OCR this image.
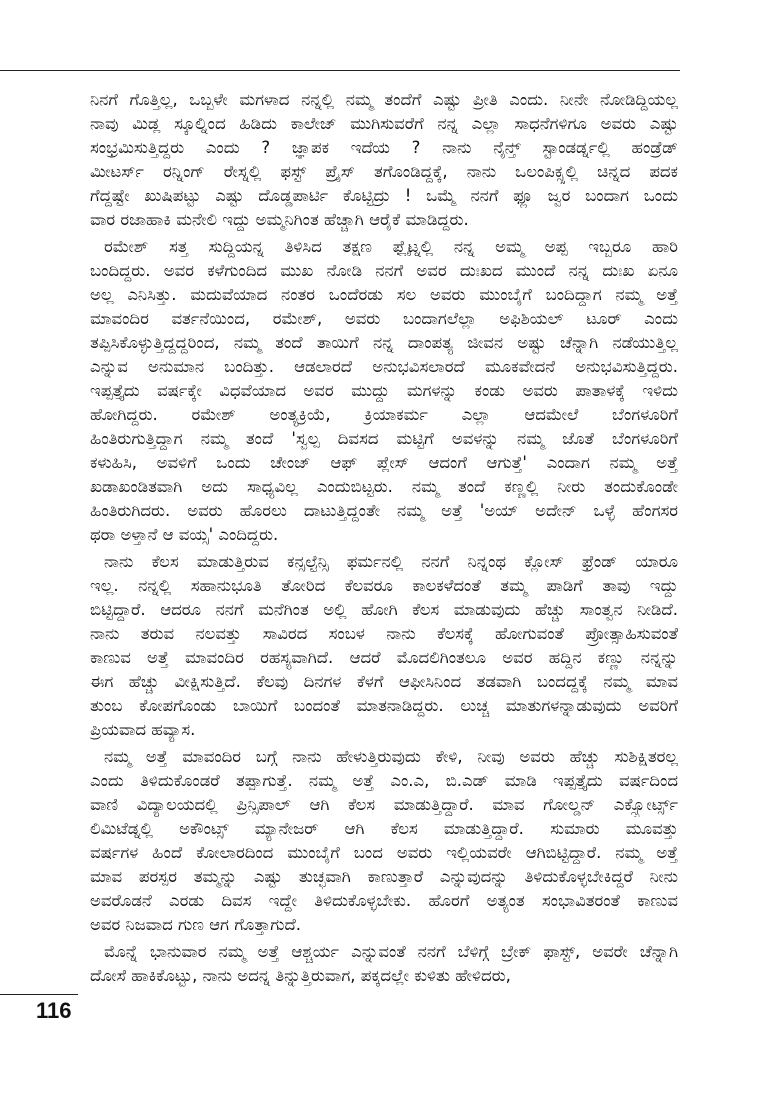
ನಿನಗೆ ಗೊತ್ತಿಲ್ಲ, ಒಬ್ಬಳೇ ಮಗಳಾದ ನನ್ನಲ್ಲಿ ನಮ್ಮ ತಂದೆಗೆ ಎಷ್ಟು ಪ್ರೀತಿ ಎಂದು. ನೀನೇ ನೋಡಿದ್ದಿಯಲ್ಲ
ನಾವು ಮಿಡ್ಲ ಸ್ಕೂಲ್ನಿಂದ ಹಿಡಿದು ಕಾಲೇಜ್ ಮುಗಿಸುವರೆಗೆ ನನ್ನ ಎಲ್ಲಾ ಸಾಧನೆಗಳಿಗೂ ಅವರು ಎಷ್ಟು
ಸಂಭ್ರಮಿಸುತ್ತಿದ್ದರು ಎಂದು ? ಜ್ಞಾಪಕ ಇದೆಯ ? ನಾನು ನೈನ್ತ್ ಸ್ಟಾಂಡರ್ಡ್ನಲ್ಲಿ ಹಂಡ್ರೆಡ್
ಮೀಟರ್ಸ್ ರನ್ನಿಂಗ್ ರೇಸ್ನಲ್ಲಿ ಫಸ್ಟ್ ಪ್ರೈಸ್ ತಗೊಂಡಿದ್ದಕ್ಕೆ, ನಾನು ಒಲಂಪಿಕ್ಸ್ನಲ್ಲಿ ಚಿನ್ನದ ಪದಕ
ಗೆದ್ದಷ್ಟೇ ಖುಷಿಪಟ್ಟು ಎಷ್ಟು ದೊಡ್ಡಪಾರ್ಟಿ ಕೊಟ್ಟಿದ್ರು ! ಒಮ್ಮೆ ನನಗೆ ಫ್ಲೂ ಜ್ವರ ಬಂದಾಗ ಒಂದು
ವಾರ ರಜಾಹಾಕಿ ಮನೇಲಿ ಇದ್ದು ಅಮ್ಮನಿಗಿಂತ ಹೆಚ್ಚಾಗಿ ಆರೈಕೆ ಮಾಡಿದ್ದರು.
ರಮೇಶ್ ಸತ್ತ ಸುದ್ದಿಯನ್ನ ತಿಳಿಸಿದ ತಕ್ಷಣ ಫ್ಲೈಟ್ನಲ್ಲಿ ನನ್ನ ಅಮ್ಮ ಅಪ್ಪ ಇಬ್ಬರೂ ಹಾರಿ
ಬಂದಿದ್ದರು. ಅವರ ಕಳೆಗುಂದಿದ ಮುಖ ನೋಡಿ ನನಗೆ ಅವರ ದುಃಖದ ಮುಂದೆ ನನ್ನ ದುಃಖ ಏನೂ
ಅಲ್ಲ ಎನಿಸಿತ್ತು. ಮದುವೆಯಾದ ನಂತರ ಒಂದೆರಡು ಸಲ ಅವರು ಮುಂಬೈಗೆ ಬಂದಿದ್ದಾಗ ನಮ್ಮ ಅತ್ತೆ
ಮಾವಂದಿರ ವರ್ತನೆಯಿಂದ, ರಮೇಶ್, ಅವರು ಬಂದಾಗಲೆಲ್ಲಾ ಅಫಿಶಿಯಲ್ ಟೂರ್ ಎಂದು
ತಪ್ಪಿಸಿಕೊಳ್ಳುತ್ತಿದ್ದದ್ದರಿಂದ, ನಮ್ಮ ತಂದೆ ತಾಯಿಗೆ ನನ್ನ ದಾಂಪತ್ಯ ಜೀವನ ಅಷ್ಟು ಚೆನ್ನಾಗಿ ನಡೆಯುತ್ತಿಲ್ಲ
ಎನ್ನುವ ಅನುಮಾನ ಬಂದಿತ್ತು. ಆಡಲಾರದೆ ಅನುಭವಿಸಲಾರದೆ ಮೂಕವೇದನೆ ಅನುಭವಿಸುತ್ತಿದ್ದರು.
ಇಪ್ಪತ್ತೈದು ವರ್ಷಕ್ಕೇ ವಿಧವೆಯಾದ ಅವರ ಮುದ್ದು ಮಗಳನ್ನು ಕಂಡು ಅವರು ಪಾತಾಳಕ್ಕೆ ಇಳಿದು
ಹೋಗಿದ್ದರು. ರಮೇಶ್ ಅಂತ್ಯಕ್ರಿಯೆ, ಕ್ರಿಯಾಕರ್ಮ ಎಲ್ಲಾ ಆದಮೇಲೆ ಬೆಂಗಳೂರಿಗೆ
ಹಿಂತಿರುಗುತ್ತಿದ್ದಾಗ ನಮ್ಮ ತಂದೆ 'ಸ್ವಲ್ಪ ದಿವಸದ ಮಟ್ಟಿಗೆ ಅವಳನ್ನು ನಮ್ಮ ಜೊತೆ ಬೆಂಗಳೂರಿಗೆ
ಕಳುಹಿಸಿ, ಅವಳಿಗೆ ಒಂದು ಚೇಂಜ್ ಆಫ್ ಪ್ಲೇಸ್ ಆದಂಗೆ ಆಗುತ್ತೆ' ಎಂದಾಗ ನಮ್ಮ ಅತ್ತೆ
ಖಡಾಖಂಡಿತವಾಗಿ ಅದು ಸಾಧ್ಯವಿಲ್ಲ ಎಂದುಬಿಟ್ಟರು. ನಮ್ಮ ತಂದೆ ಕಣ್ಣಲ್ಲಿ ನೀರು ತಂದುಕೊಂಡೇ
ಹಿಂತಿರುಗಿದರು. ಅವರು ಹೊರಲು ದಾಟುತ್ತಿದ್ದಂತೇ ನಮ್ಮ ಅತ್ತೆ 'ಅಯ್ ಅದೇನ್ ಒಳ್ಳೆ ಹೆಂಗಸರ
ಥರಾ ಅಳ್ತಾನೆ ಆ ವಯ್ಸ' ಎಂದಿದ್ದರು.
ನಾನು ಕೆಲಸ ಮಾಡುತ್ತಿರುವ ಕನ್ಸಲ್ಟೆನ್ಸಿ ಫರ್ಮನಲ್ಲಿ ನನಗೆ ನಿನ್ನಂಥ ಕ್ಲೋಸ್ ಫ್ರೆಂಡ್ ಯಾರೂ
ಇಲ್ಲ. ನನ್ನಲ್ಲಿ ಸಹಾನುಭೂತಿ ತೋರಿದ ಕೆಲವರೂ ಕಾಲಕಳೆದಂತೆ ತಮ್ಮ ಪಾಡಿಗೆ ತಾವು ಇದ್ದು
ಬಿಟ್ಟಿದ್ದಾರೆ. ಆದರೂ ನನಗೆ ಮನೆಗಿಂತ ಅಲ್ಲಿ ಹೋಗಿ ಕೆಲಸ ಮಾಡುವುದು ಹೆಚ್ಚು ಸಾಂತ್ವನ ನೀಡಿದೆ.
ನಾನು ತರುವ ನಲವತ್ತು ಸಾವಿರದ ಸಂಬಳ ನಾನು ಕೆಲಸಕ್ಕೆ ಹೋಗುವಂತೆ ಪ್ರೋತ್ಸಾಹಿಸುವಂತೆ
ಕಾಣುವ ಅತ್ತೆ ಮಾವಂದಿರ ರಹಸ್ಯವಾಗಿದೆ. ಆದರೆ ಮೊದಲಿಗಿಂತಲೂ ಅವರ ಹದ್ದಿನ ಕಣ್ಣು ನನ್ನನ್ನು
ಈಗ ಹೆಚ್ಚು ವೀಕ್ಷಿಸುತ್ತಿದೆ. ಕೆಲವು ದಿನಗಳ ಕೆಳಗೆ ಆಫೀಸಿನಿಂದ ತಡವಾಗಿ ಬಂದದ್ದಕ್ಕೆ ನಮ್ಮ ಮಾವ
ತುಂಬ ಕೋಪಗೊಂಡು ಬಾಯಿಗೆ ಬಂದಂತೆ ಮಾತನಾಡಿದ್ದರು. ಲುಚ್ಚ ಮಾತುಗಳನ್ನಾಡುವುದು ಅವರಿಗೆ
ಪ್ರಿಯವಾದ ಹವ್ಯಾಸ.
ನಮ್ಮ ಅತ್ತೆ ಮಾವಂದಿರ ಬಗ್ಗೆ ನಾನು ಹೇಳುತ್ತಿರುವುದು ಕೇಳಿ, ನೀವು ಅವರು ಹೆಚ್ಚು ಸುಶಿಕ್ಷಿತರಲ್ಲ
ಎಂದು ತಿಳಿದುಕೊಂಡರೆ ತಪ್ಪಾಗುತ್ತೆ. ನಮ್ಮ ಅತ್ತೆ ಎಂ.ಎ, ಬಿ.ಎಡ್ ಮಾಡಿ ಇಪ್ಪತ್ತೈದು ವರ್ಷದಿಂದ
ವಾಣಿ ವಿದ್ಯಾಲಯದಲ್ಲಿ ಪ್ರಿನ್ಸಿಪಾಲ್ ಆಗಿ ಕೆಲಸ ಮಾಡುತ್ತಿದ್ದಾರೆ. ಮಾವ ಗೋಲ್ಡನ್ ಎಕ್ಸ್ಪೋರ್ಟ್ಸ್
ಲಿಮಿಟೆಡ್ನಲ್ಲಿ ಅಕೌಂಟ್ಸ್ ಮ್ಯಾನೇಜರ್ ಆಗಿ ಕೆಲಸ ಮಾಡುತ್ತಿದ್ದಾರೆ. ಸುಮಾರು ಮೂವತ್ತು
ವರ್ಷಗಳ ಹಿಂದೆ ಕೋಲಾರದಿಂದ ಮುಂಬೈಗೆ ಬಂದ ಅವರು ಇಲ್ಲಿಯವರೇ ಆಗಿಬಿಟ್ಟಿದ್ದಾರೆ. ನಮ್ಮ ಅತ್ತೆ
ಮಾವ ಪರಸ್ಪರ ತಮ್ಮನ್ನು ಎಷ್ಟು ತುಚ್ಛವಾಗಿ ಕಾಣುತ್ತಾರೆ ಎನ್ನುವುದನ್ನು ತಿಳಿದುಕೊಳ್ಳಬೇಕಿದ್ದರೆ ನೀನು
ಅವರೊಡನೆ ಎರಡು ದಿವಸ ಇದ್ದೇ ತಿಳಿದುಕೊಳ್ಳಬೇಕು. ಹೊರಗೆ ಅತ್ಯಂತ ಸಂಭಾವಿತರಂತೆ ಕಾಣುವ
ಅವರ ನಿಜವಾದ ಗುಣ ಆಗ ಗೊತ್ತಾಗುದೆ.
ಮೊನ್ನೆ ಭಾನುವಾರ ನಮ್ಮ ಅತ್ತೆ ಆಶ್ಚರ್ಯ ಎನ್ನುವಂತೆ ನನಗೆ ಬೆಳಿಗ್ಗೆ ಬ್ರೇಕ್ ಫಾಸ್ಟ್, ಅವರೇ ಚೆನ್ನಾಗಿ
ದೋಸೆ ಹಾಕಿಕೊಟ್ಟು, ನಾನು ಅದನ್ನ ತಿನ್ನುತ್ತಿರುವಾಗ, ಪಕ್ಕದಲ್ಲೇ ಕುಳಿತು ಹೇಳಿದರು,
116
